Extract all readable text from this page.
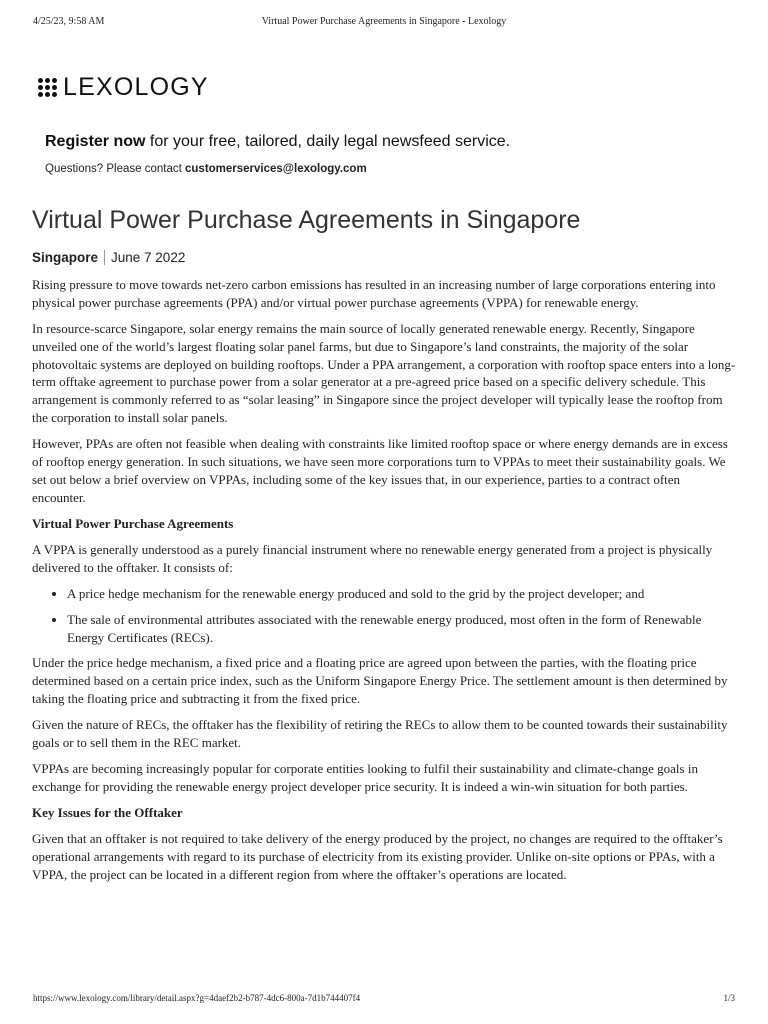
4/25/23, 9:58 AM	Virtual Power Purchase Agreements in Singapore - Lexology
LEXOLOGY
Register now for your free, tailored, daily legal newsfeed service.
Questions? Please contact customerservices@lexology.com
Virtual Power Purchase Agreements in Singapore
Singapore June 7 2022

Rising pressure to move towards net-zero carbon emissions has resulted in an increasing number of large corporations entering into physical power purchase agreements (PPA) and/or virtual power purchase agreements (VPPA) for renewable energy.

In resource-scarce Singapore, solar energy remains the main source of locally generated renewable energy. Recently, Singapore unveiled one of the world’s largest floating solar panel farms, but due to Singapore’s land constraints, the majority of the solar photovoltaic systems are deployed on building rooftops. Under a PPA arrangement, a corporation with rooftop space enters into a long-term offtake agreement to purchase power from a solar generator at a pre-agreed price based on a specific delivery schedule. This arrangement is commonly referred to as “solar leasing” in Singapore since the project developer will typically lease the rooftop from the corporation to install solar panels.

However, PPAs are often not feasible when dealing with constraints like limited rooftop space or where energy demands are in excess of rooftop energy generation. In such situations, we have seen more corporations turn to VPPAs to meet their sustainability goals. We set out below a brief overview on VPPAs, including some of the key issues that, in our experience, parties to a contract often encounter.

Virtual Power Purchase Agreements

A VPPA is generally understood as a purely financial instrument where no renewable energy generated from a project is physically delivered to the offtaker. It consists of:

• A price hedge mechanism for the renewable energy produced and sold to the grid by the project developer; and
• The sale of environmental attributes associated with the renewable energy produced, most often in the form of Renewable Energy Certificates (RECs).

Under the price hedge mechanism, a fixed price and a floating price are agreed upon between the parties, with the floating price determined based on a certain price index, such as the Uniform Singapore Energy Price. The settlement amount is then determined by taking the floating price and subtracting it from the fixed price.

Given the nature of RECs, the offtaker has the flexibility of retiring the RECs to allow them to be counted towards their sustainability goals or to sell them in the REC market.

VPPAs are becoming increasingly popular for corporate entities looking to fulfil their sustainability and climate-change goals in exchange for providing the renewable energy project developer price security. It is indeed a win-win situation for both parties.

Key Issues for the Offtaker

Given that an offtaker is not required to take delivery of the energy produced by the project, no changes are required to the offtaker’s operational arrangements with regard to its purchase of electricity from its existing provider. Unlike on-site options or PPAs, with a VPPA, the project can be located in a different region from where the offtaker’s operations are located.

https://www.lexology.com/library/detail.aspx?g=4daef2b2-b787-4dc6-800a-7d1b744407f4	1/3
